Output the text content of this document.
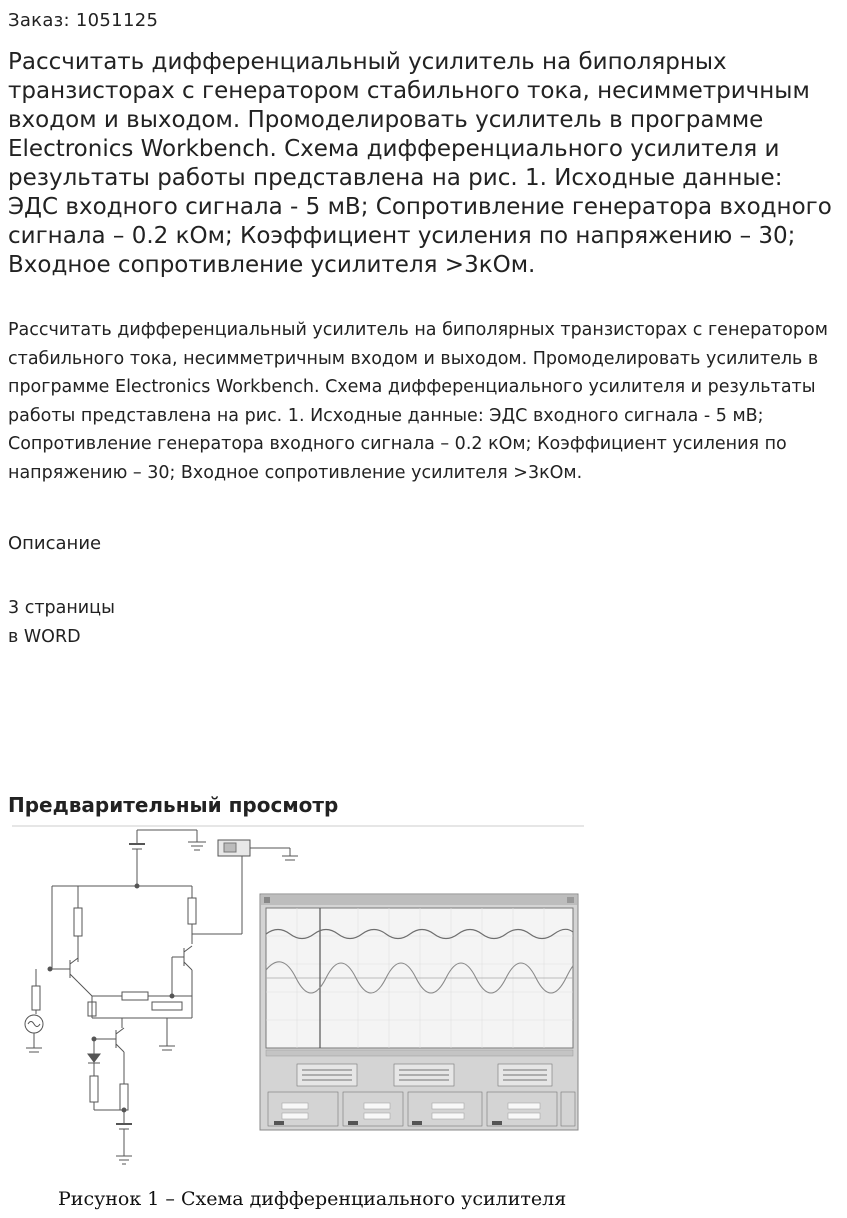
Заказ: 1051125
Рассчитать дифференциальный усилитель на биполярных транзисторах с генератором стабильного тока, несимметричным входом и выходом. Промоделировать усилитель в программе Electronics Workbench. Схема дифференциального усилителя и результаты работы представлена на рис. 1. Исходные данные: ЭДС входного сигнала - 5 мВ; Сопротивление генератора входного сигнала – 0.2 кОм; Коэффициент усиления по напряжению – 30; Входное сопротивление усилителя >3кОм.

Рассчитать дифференциальный усилитель на биполярных транзисторах с генератором стабильного тока, несимметричным входом и выходом. Промоделировать усилитель в программе Electronics Workbench. Схема дифференциального усилителя и результаты работы представлена на рис. 1. Исходные данные: ЭДС входного сигнала - 5 мВ; Сопротивление генератора входного сигнала – 0.2 кОм; Коэффициент усиления по напряжению – 30; Входное сопротивление усилителя >3кОм.

Описание
3 страницы
в WORD
Предварительный просмотр
Рисунок 1 – Схема дифференциального усилителя
